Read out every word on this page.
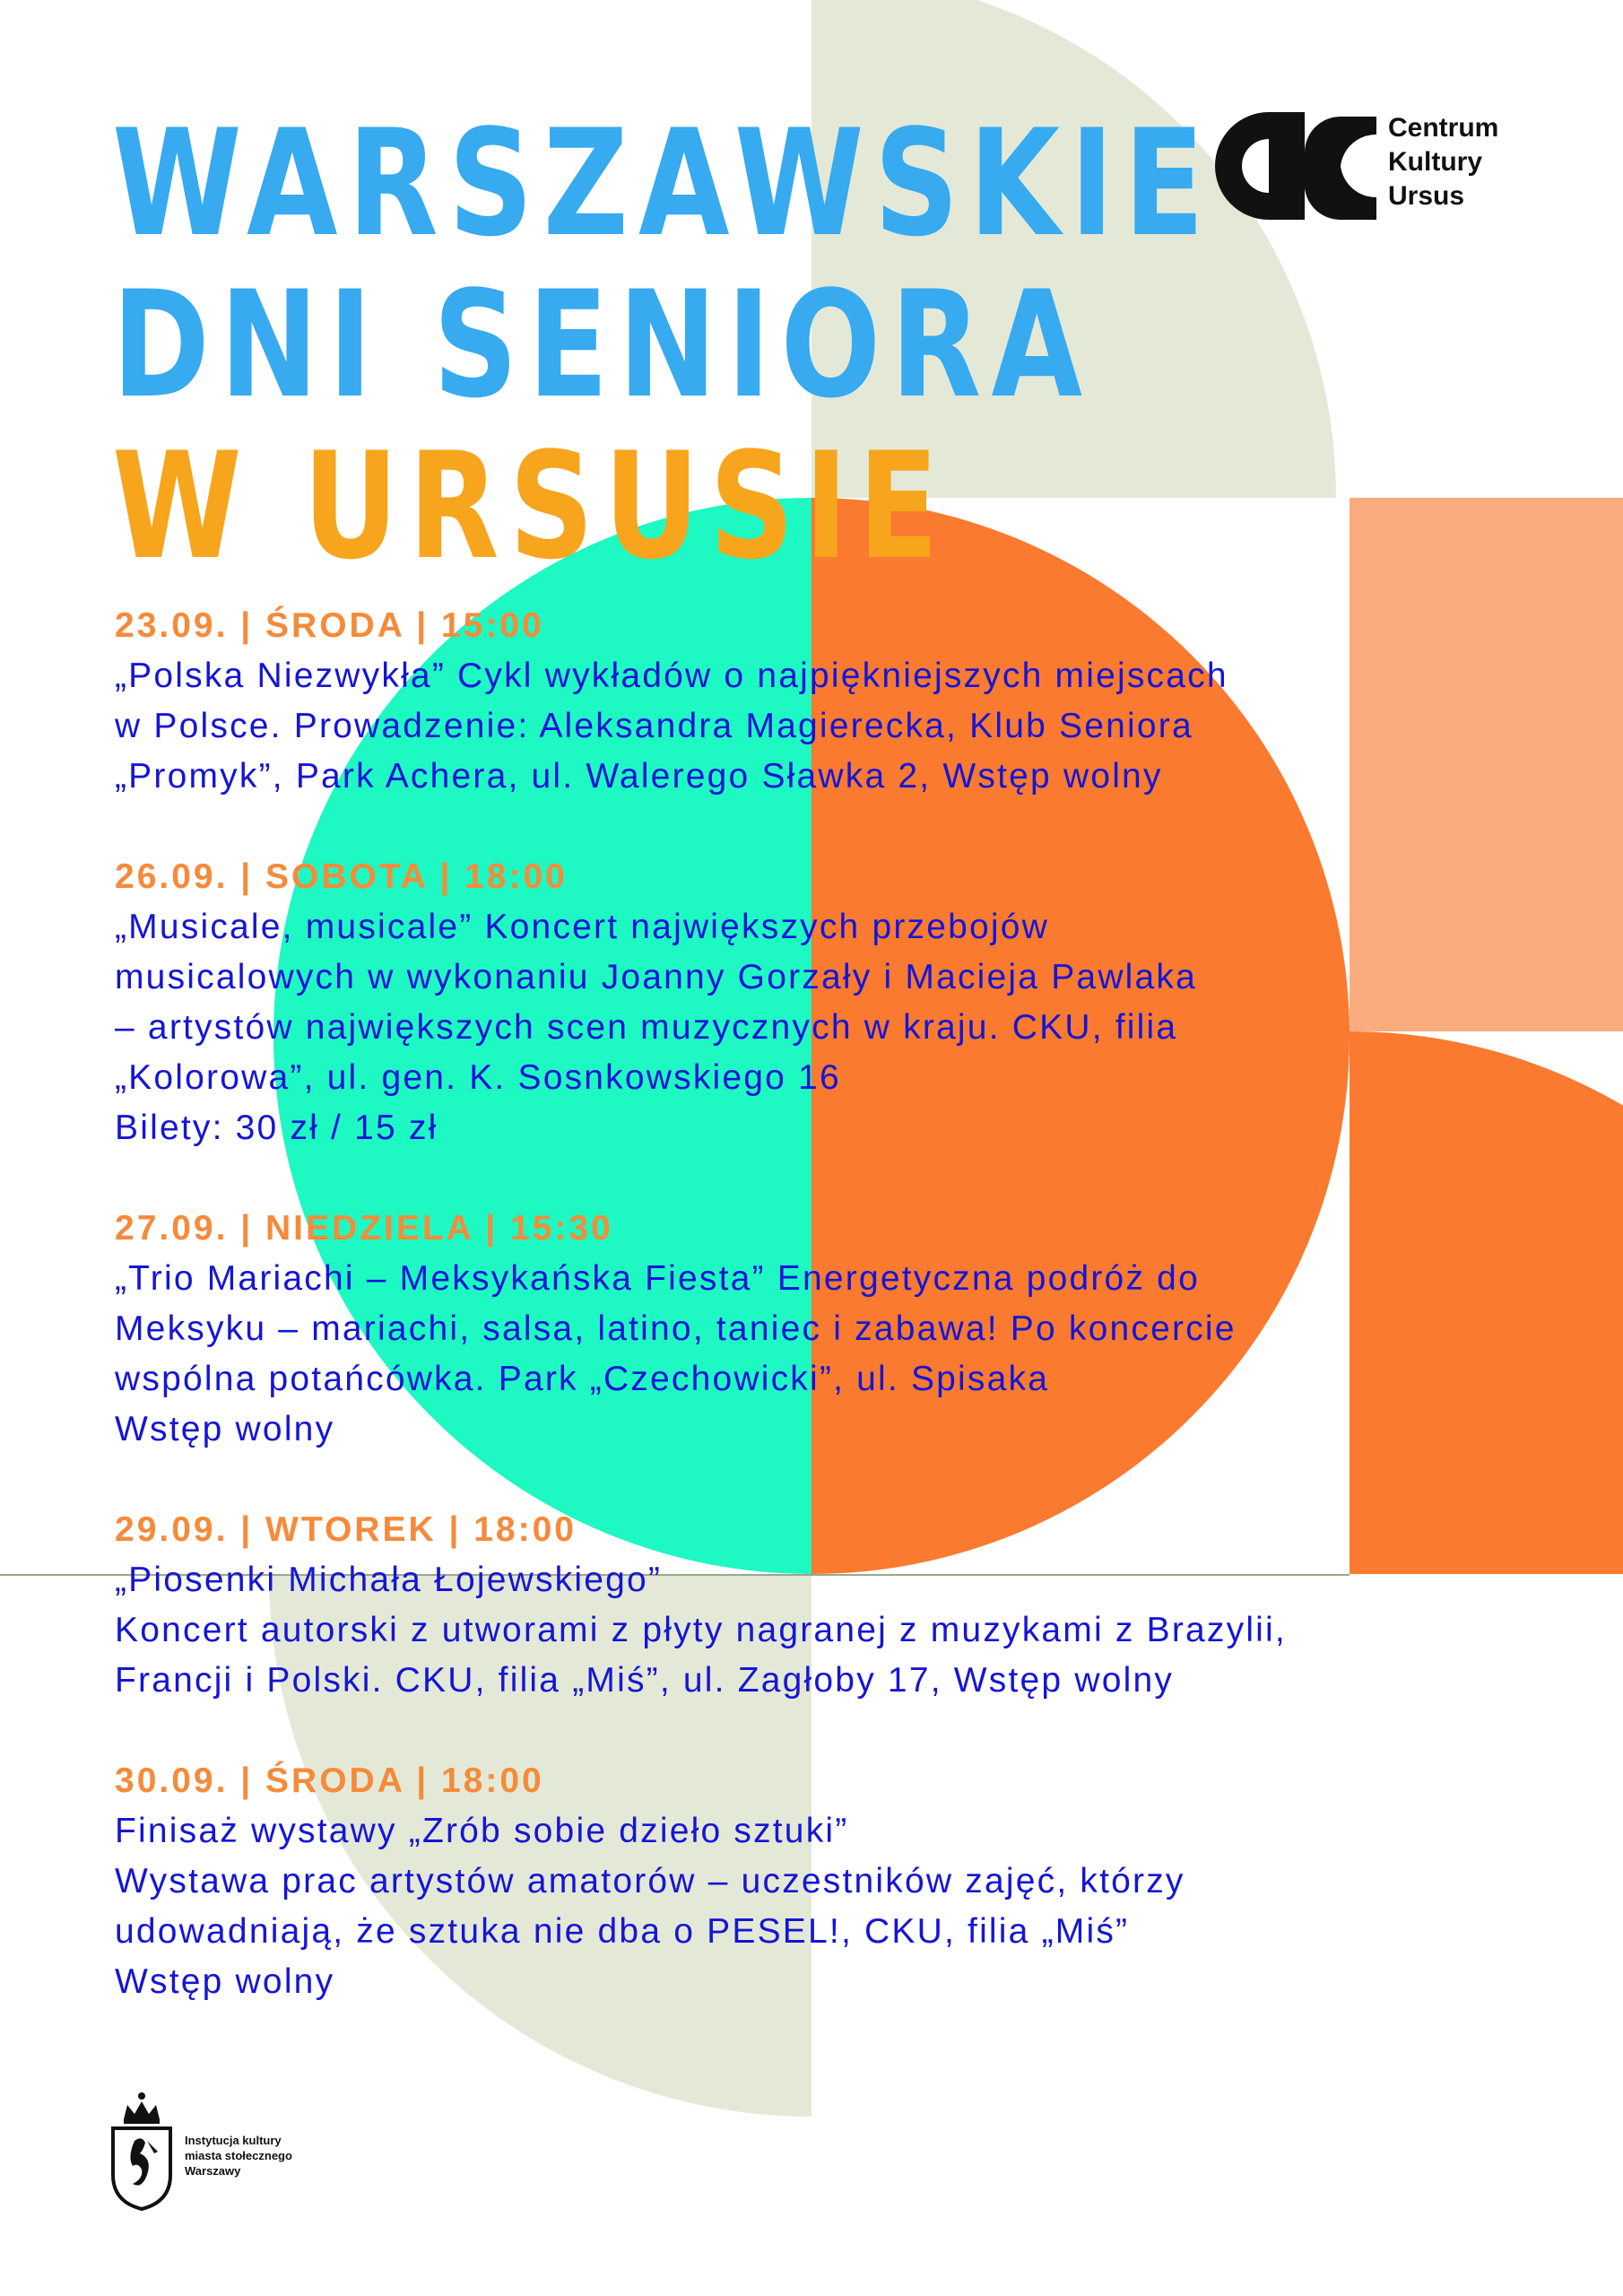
WARSZAWSKIE
DNI SENIORA
W URSUSIE
Centrum
Kultury
Ursus
23.09. | ŚRODA | 15:00
„Polska Niezwykła” Cykl wykładów o najpiękniejszych miejscach
w Polsce. Prowadzenie: Aleksandra Magierecka, Klub Seniora
„Promyk”, Park Achera, ul. Walerego Sławka 2, Wstęp wolny
26.09. | SOBOTA | 18:00
„Musicale, musicale” Koncert największych przebojów
musicalowych w wykonaniu Joanny Gorzały i Macieja Pawlaka
– artystów największych scen muzycznych w kraju. CKU, filia
„Kolorowa”, ul. gen. K. Sosnkowskiego 16
Bilety: 30 zł / 15 zł
27.09. | NIEDZIELA | 15:30
„Trio Mariachi – Meksykańska Fiesta” Energetyczna podróż do
Meksyku – mariachi, salsa, latino, taniec i zabawa! Po koncercie
wspólna potańcówka. Park „Czechowicki”, ul. Spisaka
Wstęp wolny
29.09. | WTOREK | 18:00
„Piosenki Michała Łojewskiego”
Koncert autorski z utworami z płyty nagranej z muzykami z Brazylii,
Francji i Polski. CKU, filia „Miś”, ul. Zagłoby 17, Wstęp wolny
30.09. | ŚRODA | 18:00
Finisaż wystawy „Zrób sobie dzieło sztuki”
Wystawa prac artystów amatorów – uczestników zajęć, którzy
udowadniają, że sztuka nie dba o PESEL!, CKU, filia „Miś”
Wstęp wolny
Instytucja kultury
miasta stołecznego
Warszawy
